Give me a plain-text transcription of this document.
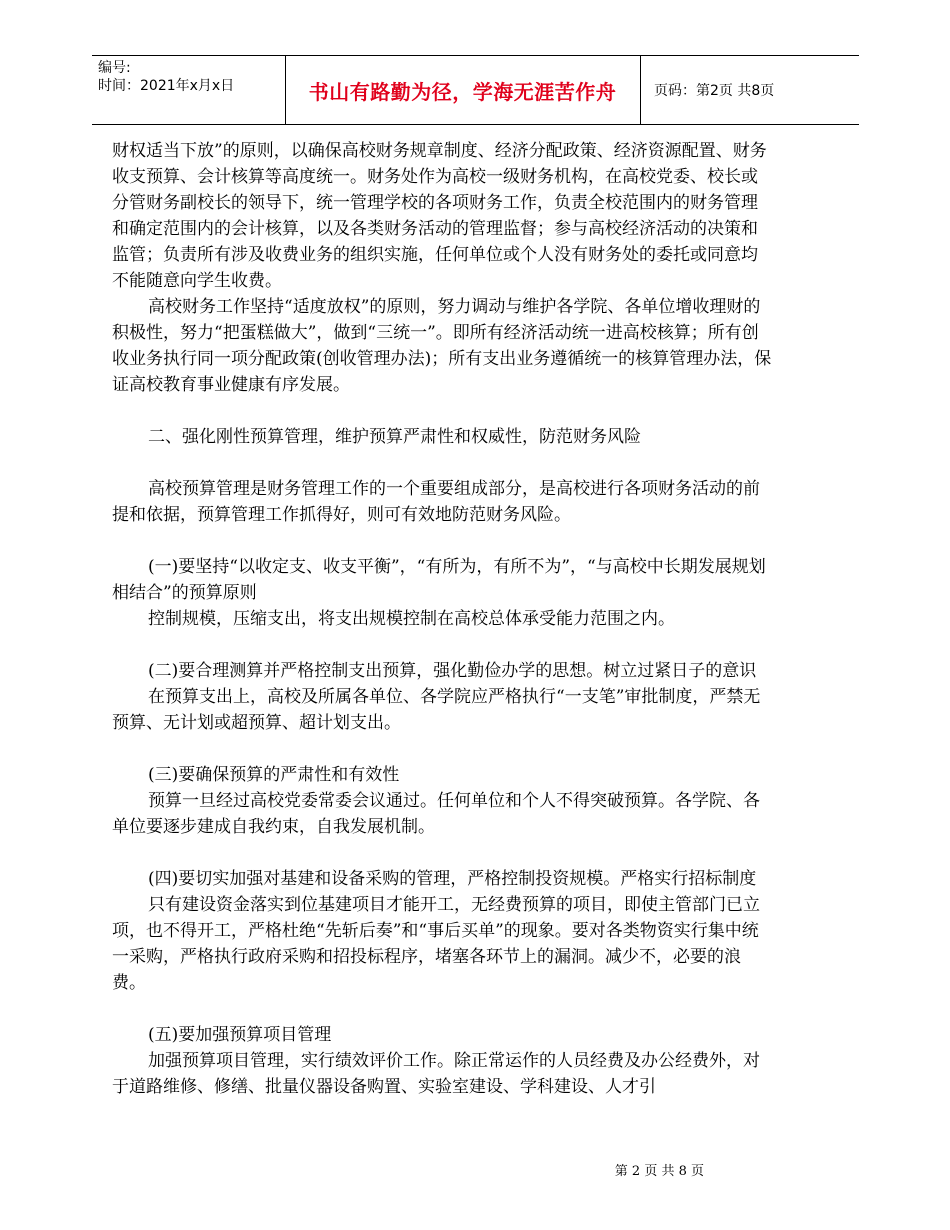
编号:
时间：2021年x月x日	书山有路勤为径，学海无涯苦作舟	页码：第2页 共8页

财权适当下放”的原则，以确保高校财务规章制度、经济分配政策、经济资源配置、财务收支预算、会计核算等高度统一。财务处作为高校一级财务机构，在高校党委、校长或分管财务副校长的领导下，统一管理学校的各项财务工作，负责全校范围内的财务管理和确定范围内的会计核算，以及各类财务活动的管理监督；参与高校经济活动的决策和监管；负责所有涉及收费业务的组织实施，任何单位或个人没有财务处的委托或同意均不能随意向学生收费。

高校财务工作坚持“适度放权”的原则，努力调动与维护各学院、各单位增收理财的积极性，努力“把蛋糕做大”，做到“三统一”。即所有经济活动统一进高校核算；所有创收业务执行同一项分配政策(创收管理办法)；所有支出业务遵循统一的核算管理办法，保证高校教育事业健康有序发展。

二、强化刚性预算管理，维护预算严肃性和权威性，防范财务风险

高校预算管理是财务管理工作的一个重要组成部分，是高校进行各项财务活动的前提和依据，预算管理工作抓得好，则可有效地防范财务风险。

(一)要坚持“以收定支、收支平衡”，“有所为，有所不为”，“与高校中长期发展规划相结合”的预算原则

控制规模，压缩支出，将支出规模控制在高校总体承受能力范围之内。

(二)要合理测算并严格控制支出预算，强化勤俭办学的思想。树立过紧日子的意识

在预算支出上，高校及所属各单位、各学院应严格执行“一支笔”审批制度，严禁无预算、无计划或超预算、超计划支出。

(三)要确保预算的严肃性和有效性

预算一旦经过高校党委常委会议通过。任何单位和个人不得突破预算。各学院、各单位要逐步建成自我约束，自我发展机制。

(四)要切实加强对基建和设备采购的管理，严格控制投资规模。严格实行招标制度

只有建设资金落实到位基建项目才能开工，无经费预算的项目，即使主管部门已立项，也不得开工，严格杜绝“先斩后奏”和“事后买单”的现象。要对各类物资实行集中统一采购，严格执行政府采购和招投标程序，堵塞各环节上的漏洞。减少不，必要的浪费。

(五)要加强预算项目管理

加强预算项目管理，实行绩效评价工作。除正常运作的人员经费及办公经费外，对于道路维修、修缮、批量仪器设备购置、实验室建设、学科建设、人才引

第 2 页 共 8 页
